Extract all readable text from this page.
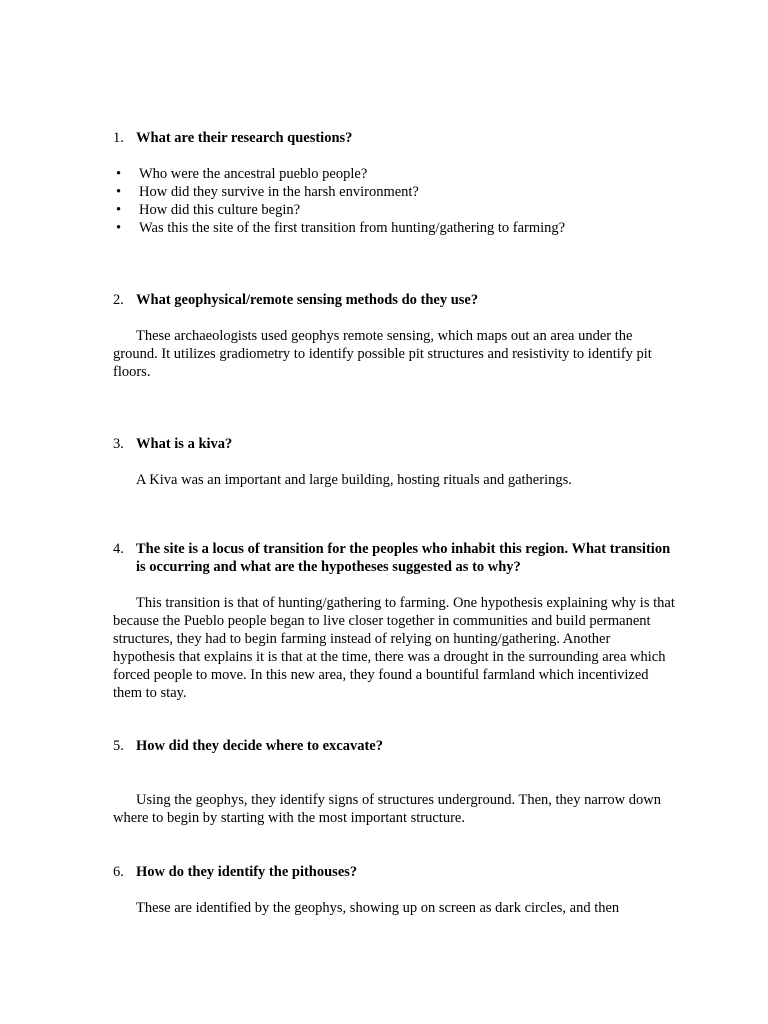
1. What are their research questions?
• Who were the ancestral pueblo people?
• How did they survive in the harsh environment?
• How did this culture begin?
• Was this the site of the first transition from hunting/gathering to farming?
2. What geophysical/remote sensing methods do they use?
These archaeologists used geophys remote sensing, which maps out an area under the ground. It utilizes gradiometry to identify possible pit structures and resistivity to identify pit floors.
3. What is a kiva?
A Kiva was an important and large building, hosting rituals and gatherings.
4. The site is a locus of transition for the peoples who inhabit this region. What transition is occurring and what are the hypotheses suggested as to why?
This transition is that of hunting/gathering to farming. One hypothesis explaining why is that because the Pueblo people began to live closer together in communities and build permanent structures, they had to begin farming instead of relying on hunting/gathering. Another hypothesis that explains it is that at the time, there was a drought in the surrounding area which forced people to move. In this new area, they found a bountiful farmland which incentivized them to stay.
5. How did they decide where to excavate?
Using the geophys, they identify signs of structures underground. Then, they narrow down where to begin by starting with the most important structure.
6. How do they identify the pithouses?
These are identified by the geophys, showing up on screen as dark circles, and then
